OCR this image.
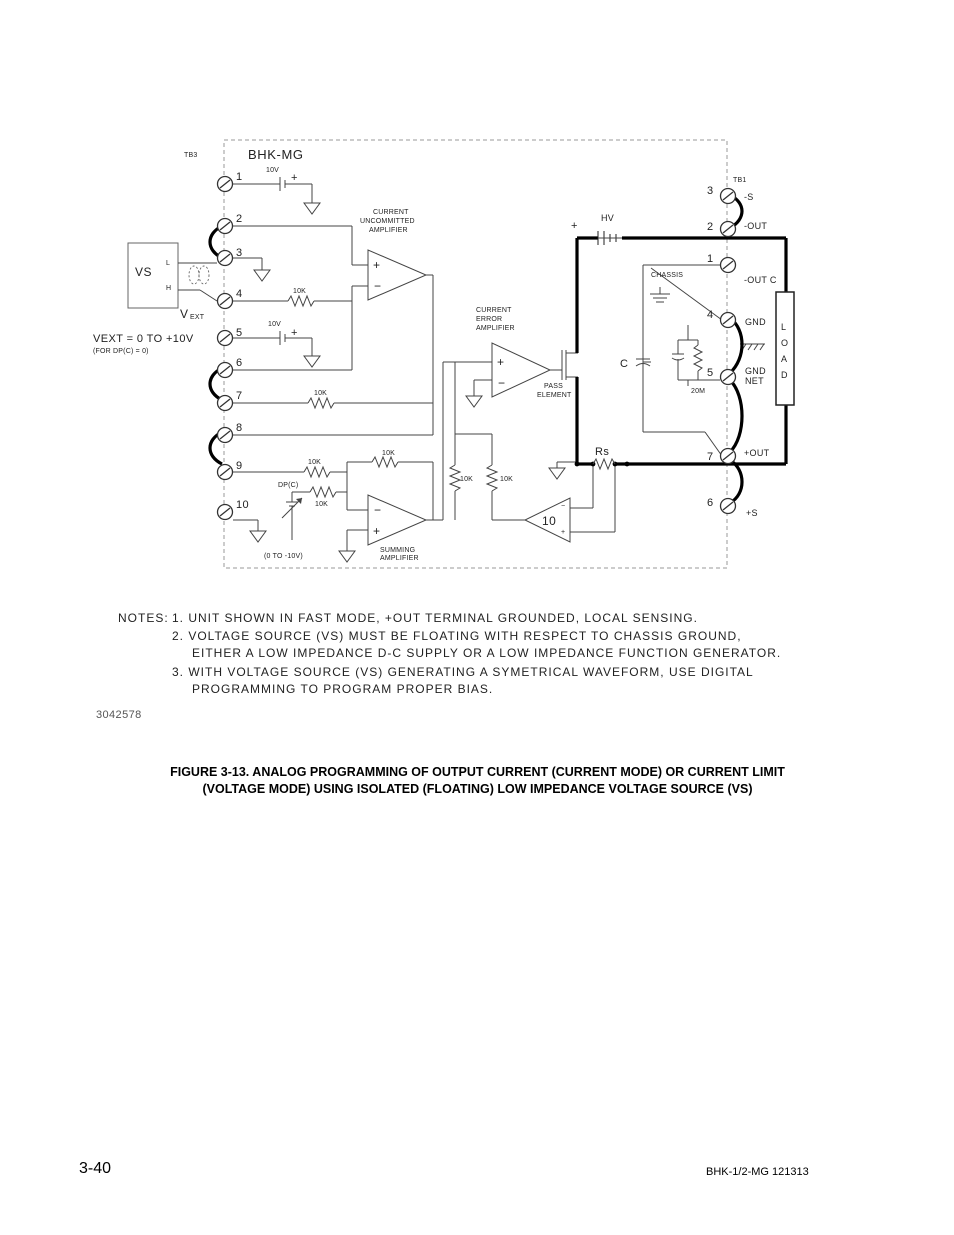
TB3	BHK-MG
TB1
+
+
10V
10V
10K
10K
10K
10K
10K
DP(C)
(0 TO -10V)
+
−
CURRENT
UNCOMMITTED
AMPLIFIER
−
+
SUMMING
AMPLIFIER
+
−
CURRENT
ERROR
AMPLIFIER
10K	10K
PASS
ELEMENT
10
−
+
Rs
+
HV
L
O
A
D
C
20M
CHASSIS
1
2
3
4
5
6
7
8
9
10
3
2
1
4
5
7
6
-S
-OUT
-OUT C
GND
GND
NET
+OUT
+S
VS
L
H
V EXT
VEXT = 0 TO +10V
(FOR DP(C) = 0)
NOTES: 1. UNIT SHOWN IN FAST MODE, +OUT TERMINAL GROUNDED, LOCAL SENSING.
2. VOLTAGE SOURCE (VS) MUST BE FLOATING WITH RESPECT TO CHASSIS GROUND,
EITHER A LOW IMPEDANCE D-C SUPPLY OR A LOW IMPEDANCE FUNCTION GENERATOR.
3. WITH VOLTAGE SOURCE (VS) GENERATING A SYMETRICAL WAVEFORM, USE DIGITAL
PROGRAMMING TO PROGRAM PROPER BIAS.
3042578
FIGURE 3-13. ANALOG PROGRAMMING OF OUTPUT CURRENT (CURRENT MODE) OR CURRENT LIMIT
(VOLTAGE MODE) USING ISOLATED (FLOATING) LOW IMPEDANCE VOLTAGE SOURCE (VS)
3-40	BHK-1/2-MG 121313
